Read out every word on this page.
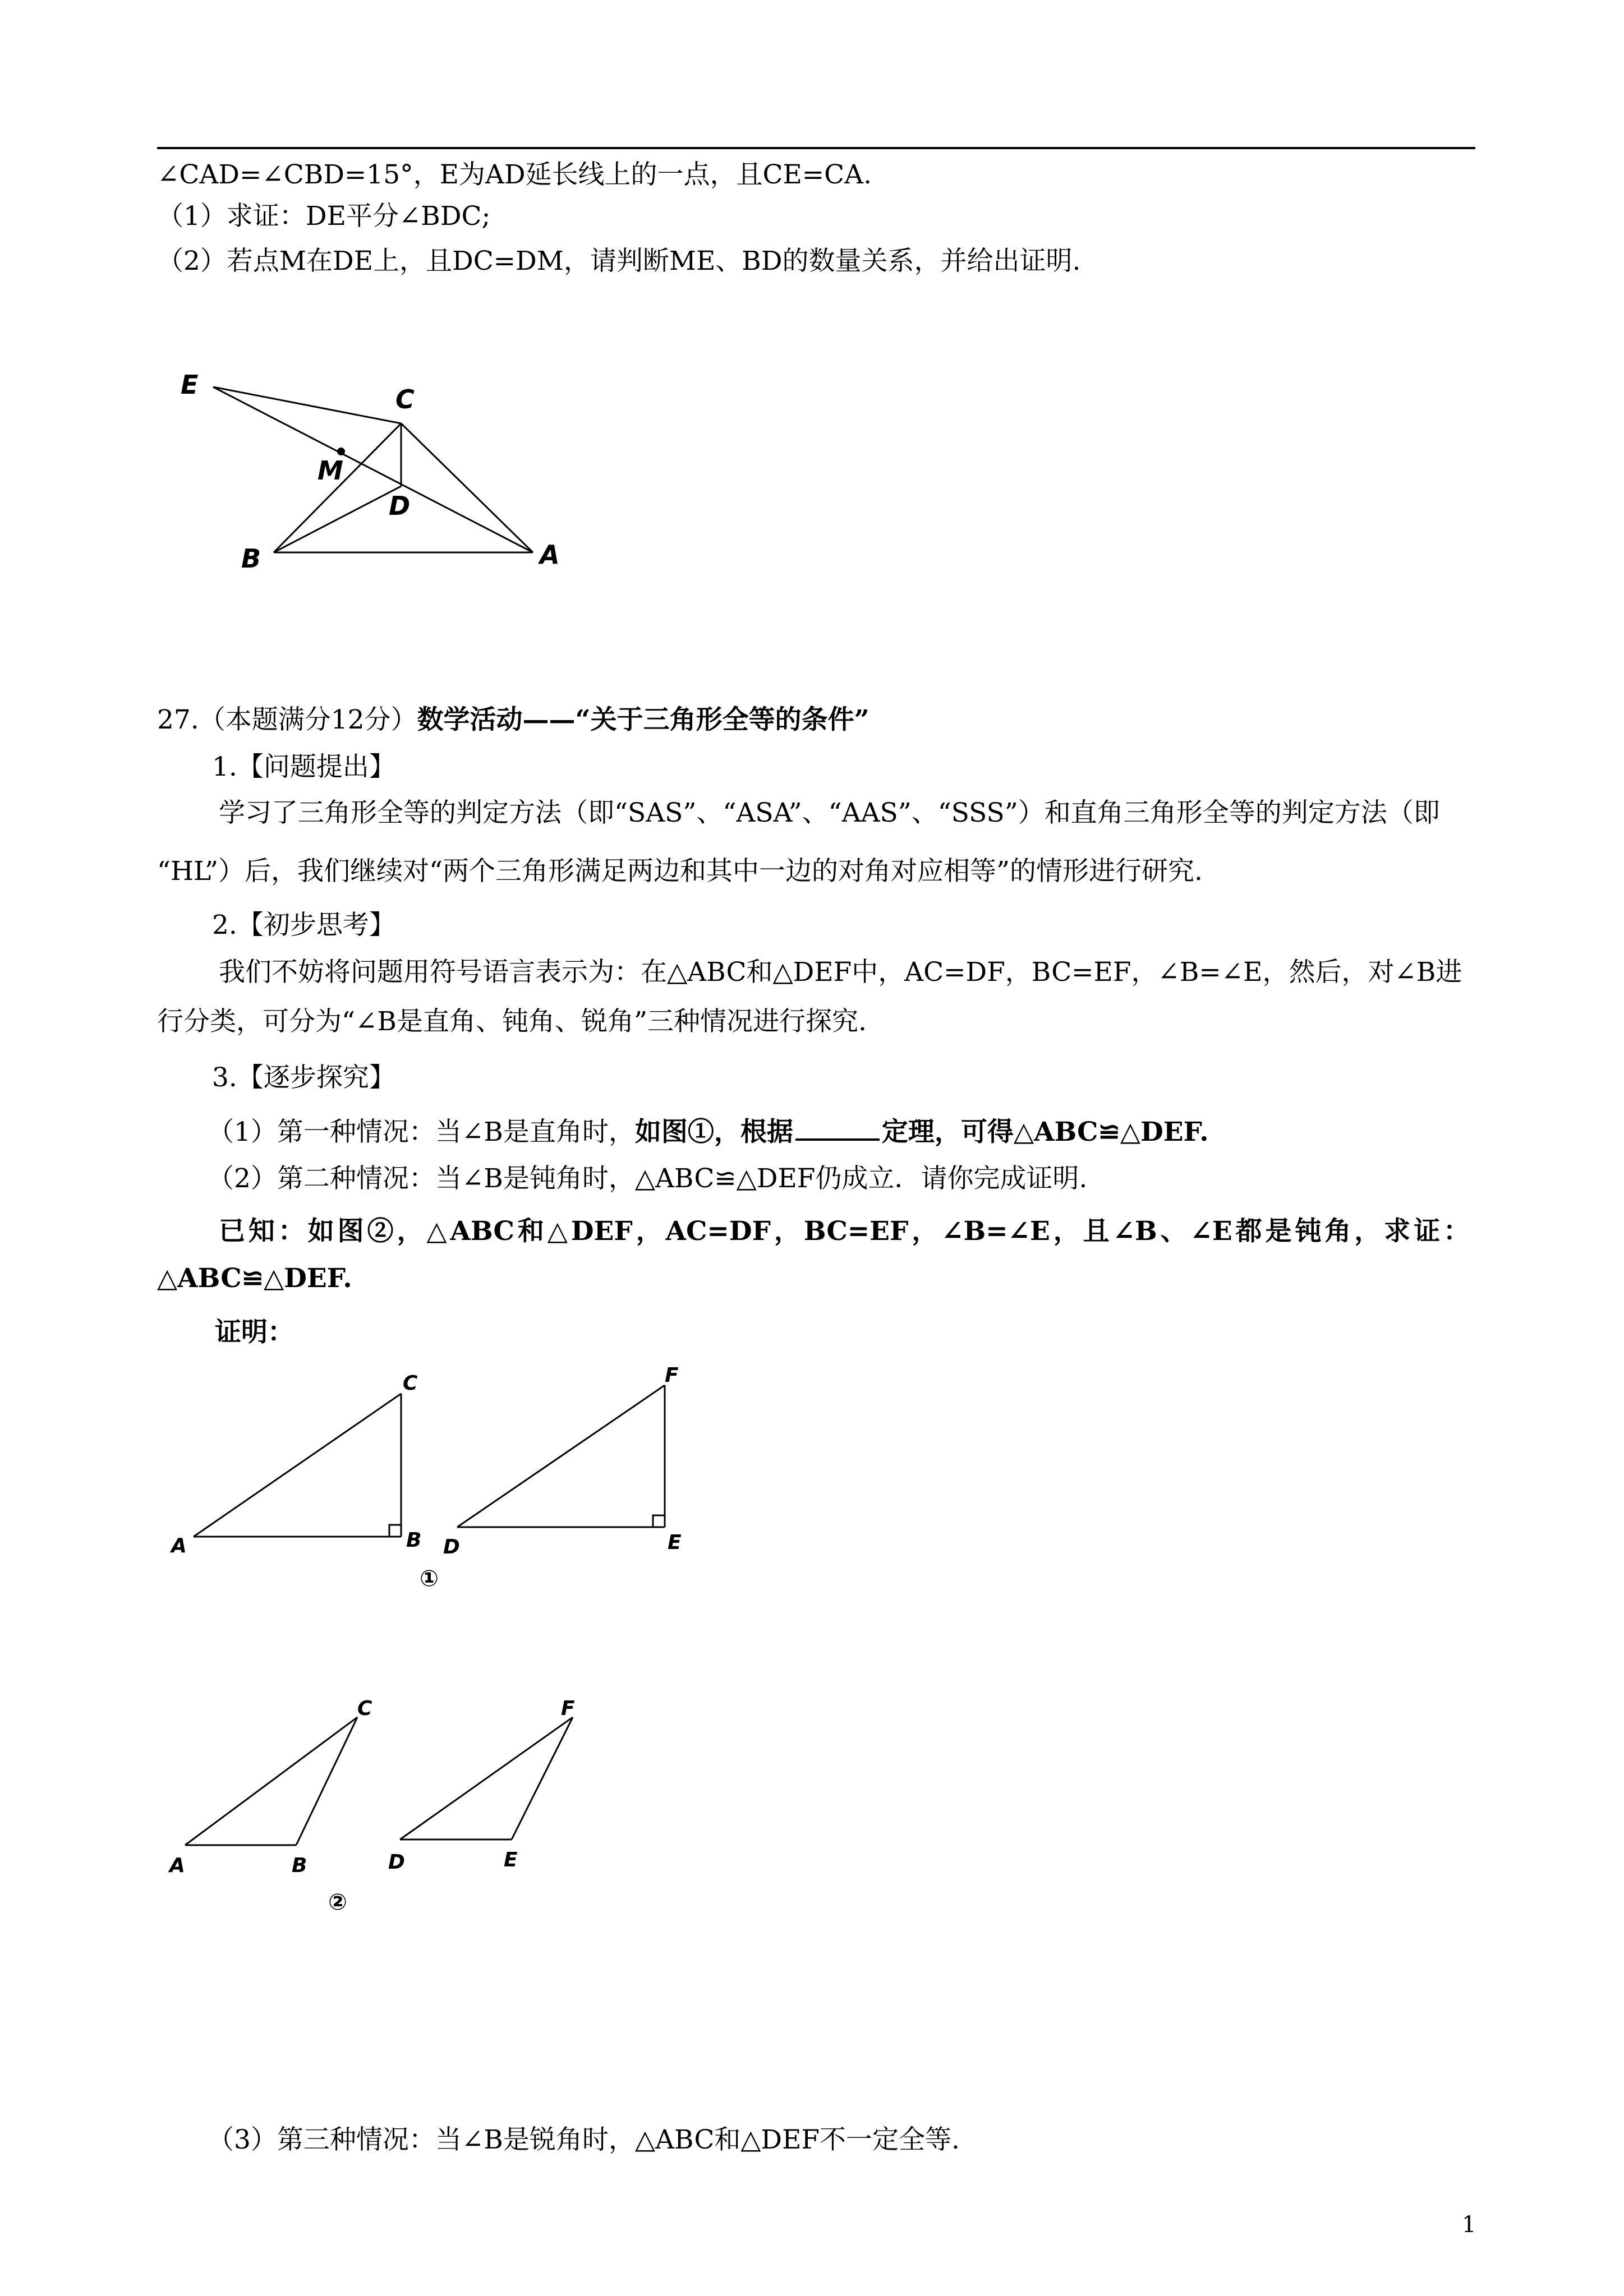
∠CAD=∠CBD=15°，E为AD延长线上的一点，且CE=CA.
（1）求证：DE平分∠BDC;
（2）若点M在DE上，且DC=DM，请判断ME、BD的数量关系，并给出证明.
E	C
M
D
B	A
27.（本题满分12分）数学活动——“关于三角形全等的条件”
1.【问题提出】
学习了三角形全等的判定方法（即“SAS”、“ASA”、“AAS”、“SSS”）和直角三角形全等的判定方法（即
“HL”）后，我们继续对“两个三角形满足两边和其中一边的对角对应相等”的情形进行研究.
2.【初步思考】
我们不妨将问题用符号语言表示为：在△ABC和△DEF中，AC=DF，BC=EF，∠B=∠E，然后，对∠B进
行分类，可分为“∠B是直角、钝角、锐角”三种情况进行探究.
3.【逐步探究】
（1）第一种情况：当∠B是直角时，如图①，根据	定理，可得△ABC≌△DEF.
（2）第二种情况：当∠B是钝角时，△ABC≌△DEF仍成立．请你完成证明.
已知：如图②，△ABC和△DEF，AC=DF，BC=EF，∠B=∠E，且∠B、∠E都是钝角，求证：
△ABC≌△DEF.
证明：
A	B
C
D	E
F
①
A	B
C
D	E
F
②
（3）第三种情况：当∠B是锐角时，△ABC和△DEF不一定全等.
1
